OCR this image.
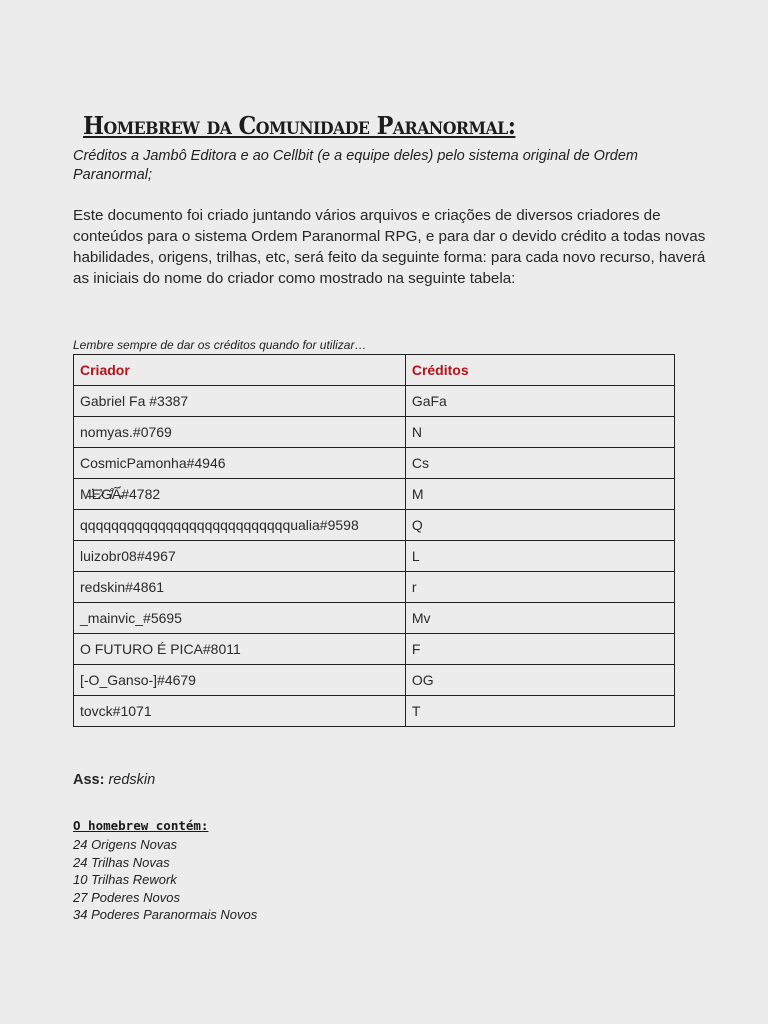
Homebrew da Comunidade Paranormal:
Créditos a Jambô Editora e ao Cellbit (e a equipe deles) pelo sistema original de Ordem Paranormal;
Este documento foi criado juntando vários arquivos e criações de diversos criadores de conteúdos para o sistema Ordem Paranormal RPG, e para dar o devido crédito a todas novas habilidades, origens, trilhas, etc, será feito da seguinte forma: para cada novo recurso, haverá as iniciais do nome do criador como mostrado na seguinte tabela:
Lembre sempre de dar os créditos quando for utilizar…
Criador	Créditos
Gabriel Fa #3387	GaFa
nomyas.#0769	N
CosmicPamonha#4946	Cs
M̶̛E̷̓G̸̐Ã̴́#4782	M
qqqqqqqqqqqqqqqqqqqqqqqqqqqualia#9598	Q
luizobr08#4967	L
redskin#4861	r
_mainvic_#5695	Mv
O FUTURO É PICA#8011	F
[-O_Ganso-]#4679	OG
tovck#1071	T
Ass: redskin
O homebrew contém:
24 Origens Novas
24 Trilhas Novas
10 Trilhas Rework
27 Poderes Novos
34 Poderes Paranormais Novos
